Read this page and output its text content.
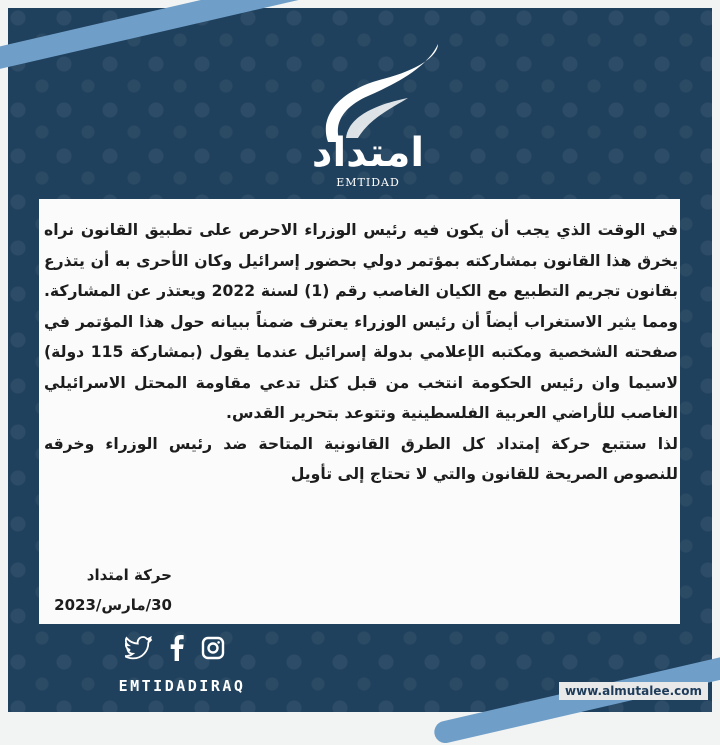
امتداد
EMTIDAD

في الوقت الذي يجب أن يكون فيه رئيس الوزراء الاحرص على تطبيق القانون نراه يخرق هذا القانون بمشاركته بمؤتمر دولي بحضور إسرائيل وكان الأحرى به أن يتذرع بقانون تجريم التطبيع مع الكيان الغاصب رقم (1) لسنة 2022 ويعتذر عن المشاركة. ومما يثير الاستغراب أيضاً أن رئيس الوزراء يعترف ضمناً ببيانه حول هذا المؤتمر في صفحته الشخصية ومكتبه الإعلامي بدولة إسرائيل عندما يقول (بمشاركة 115 دولة) لاسيما وان رئيس الحكومة انتخب من قبل كتل تدعي مقاومة المحتل الاسرائيلي الغاصب للأراضي العربية الفلسطينية وتتوعد بتحرير القدس.

لذا ستتبع حركة إمتداد كل الطرق القانونية المتاحة ضد رئيس الوزراء وخرقه للنصوص الصريحة للقانون والتي لا تحتاج إلى تأويل

حركة امتداد
30/مارس/2023
EMTIDADIRAQ	www.almutalee.com
